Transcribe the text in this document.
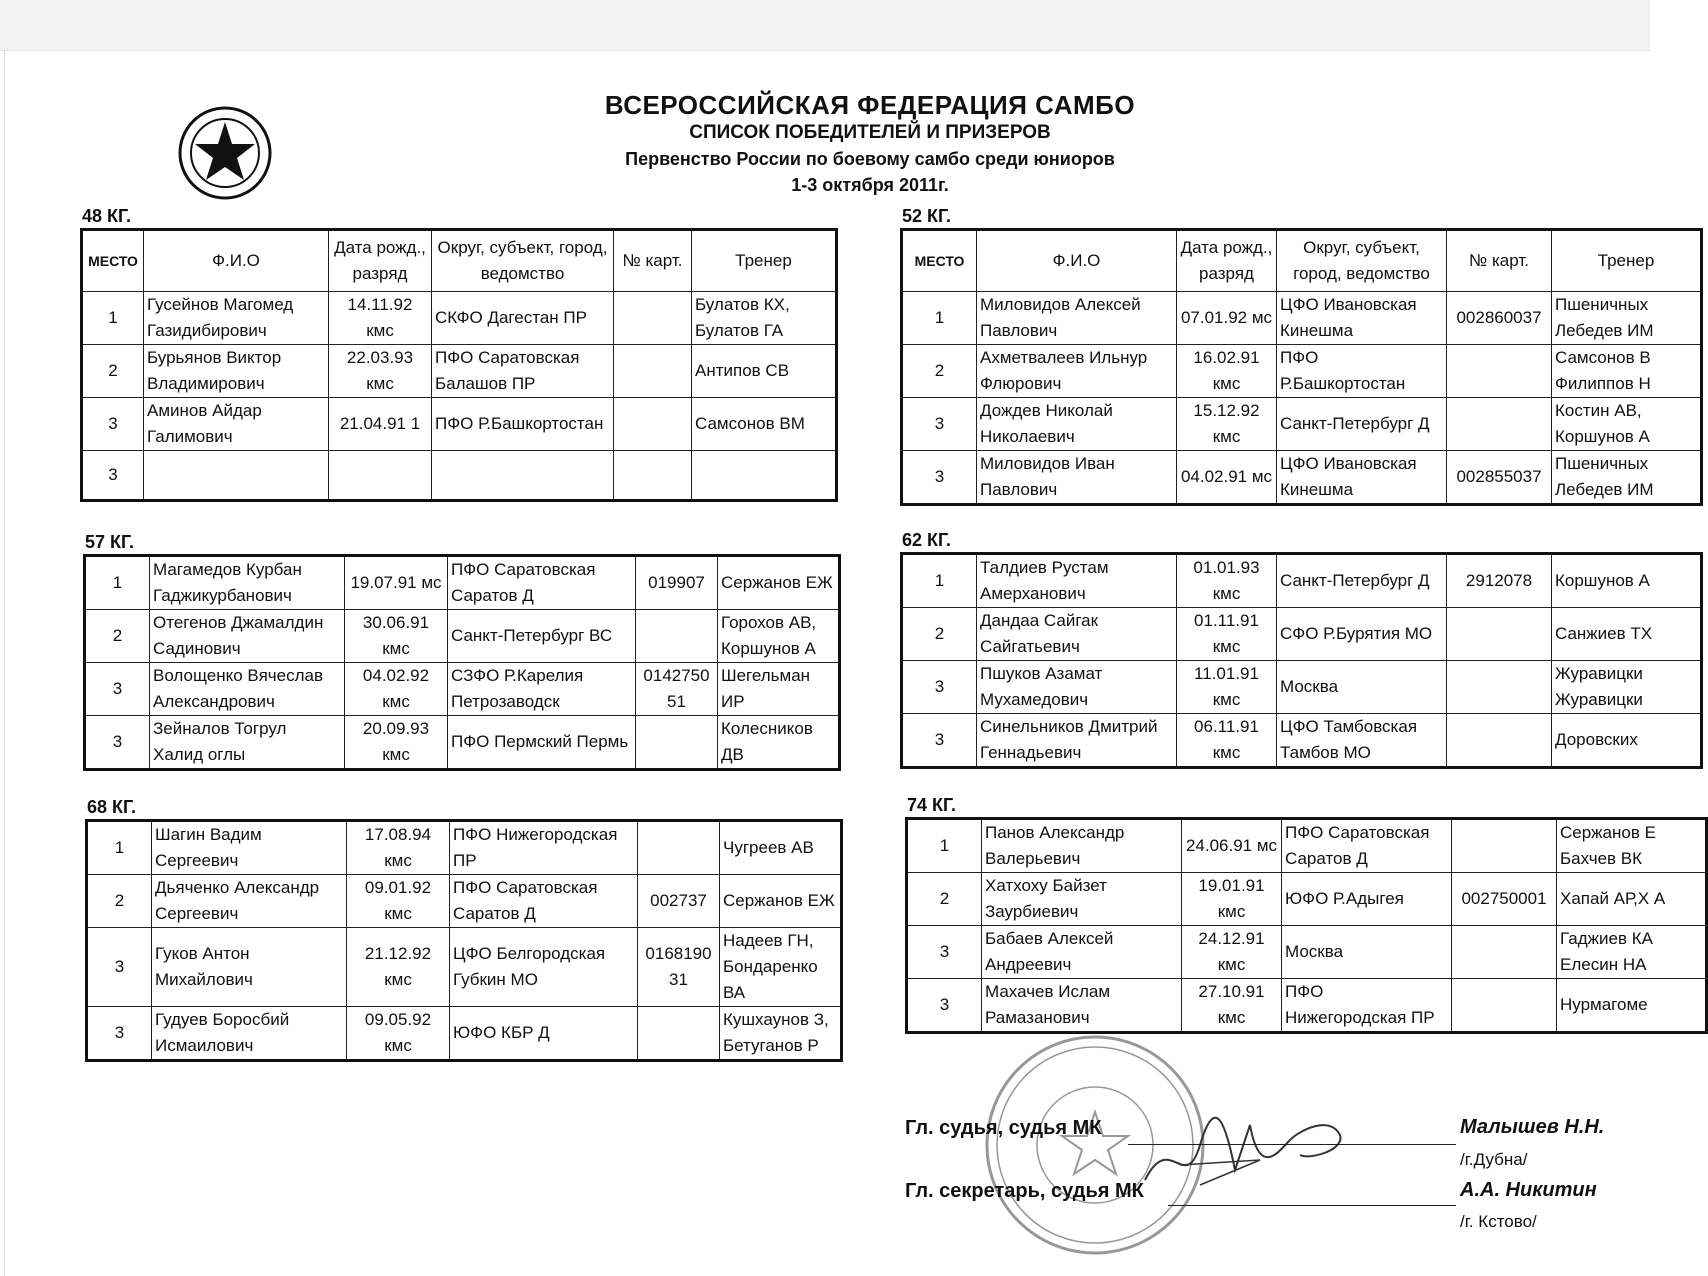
ВСЕРОССИЙСКАЯ ФЕДЕРАЦИЯ САМБО
СПИСОК ПОБЕДИТЕЛЕЙ И ПРИЗЕРОВ
Первенство России по боевому самбо среди юниоров
1-3 октября 2011г.
48 КГ.
МЕСТО	Ф.И.О	Дата рожд., разряд	Округ, субъект, город, ведомство	№ карт.	Тренер
1	Гусейнов Магомед Газидибирович	14.11.92 кмс	СКФО Дагестан ПР		Булатов КХ, Булатов ГА
2	Бурьянов Виктор Владимирович	22.03.93 кмс	ПФО Саратовская Балашов ПР		Антипов СВ
3	Аминов Айдар Галимович	21.04.91 1	ПФО Р.Башкортостан		Самсонов ВМ
3					
52 КГ.
МЕСТО	Ф.И.О	Дата рожд., разряд	Округ, субъект, город, ведомство	№ карт.	Тренер
1	Миловидов Алексей Павлович	07.01.92 мс	ЦФО Ивановская Кинешма	002860037	Пшеничных Лебедев ИМ
2	Ахметвалеев Ильнур Флюрович	16.02.91 кмс	ПФО Р.Башкортостан		Самсонов В Филиппов Н
3	Дождев Николай Николаевич	15.12.92 кмс	Санкт-Петербург Д		Костин АВ, Коршунов А
3	Миловидов Иван Павлович	04.02.91 мс	ЦФО Ивановская Кинешма	002855037	Пшеничных Лебедев ИМ
57 КГ.
1	Магамедов Курбан Гаджикурбанович	19.07.91 мс	ПФО Саратовская Саратов Д	019907	Сержанов ЕЖ
2	Отегенов Джамалдин Садинович	30.06.91 кмс	Санкт-Петербург ВС		Горохов АВ, Коршунов А
3	Волощенко Вячеслав Александрович	04.02.92 кмс	СЗФО Р.Карелия Петрозаводск	0142750 51	Шегельман ИР
3	Зейналов Тогрул Халид оглы	20.09.93 кмс	ПФО Пермский Пермь		Колесников ДВ
62 КГ.
1	Талдиев Рустам Амерханович	01.01.93 кмс	Санкт-Петербург Д	2912078	Коршунов А
2	Дандаа Сайгак Сайгатьевич	01.11.91 кмс	СФО Р.Бурятия МО		Санжиев ТХ
3	Пшуков Азамат Мухамедович	11.01.91 кмс	Москва		Журавицки Журавицки
3	Синельников Дмитрий Геннадьевич	06.11.91 кмс	ЦФО Тамбовская Тамбов МО		Доровских
68 КГ.
1	Шагин Вадим Сергеевич	17.08.94 кмс	ПФО Нижегородская ПР		Чугреев АВ
2	Дьяченко Александр Сергеевич	09.01.92 кмс	ПФО Саратовская Саратов Д	002737	Сержанов ЕЖ
3	Гуков Антон Михайлович	21.12.92 кмс	ЦФО Белгородская Губкин МО	0168190 31	Надеев ГН, Бондаренко ВА
3	Гудуев Боросбий Исмаилович	09.05.92 кмс	ЮФО КБР Д		Кушхаунов З, Бетуганов Р
74 КГ.
1	Панов Александр Валерьевич	24.06.91 мс	ПФО Саратовская Саратов Д		Сержанов Е Бахчев ВК
2	Хатхоху Байзет Заурбиевич	19.01.91 кмс	ЮФО Р.Адыгея	002750001	Хапай АР,Х А
3	Бабаев Алексей Андреевич	24.12.91 кмс	Москва		Гаджиев КА Елесин НА
3	Махачев Ислам Рамазанович	27.10.91 кмс	ПФО Нижегородская ПР		Нурмагоме
Гл. судья, судья МК	Малышев Н.Н.
/г.Дубна/
Гл. секретарь, судья МК	А.А. Никитин
/г. Кстово/
